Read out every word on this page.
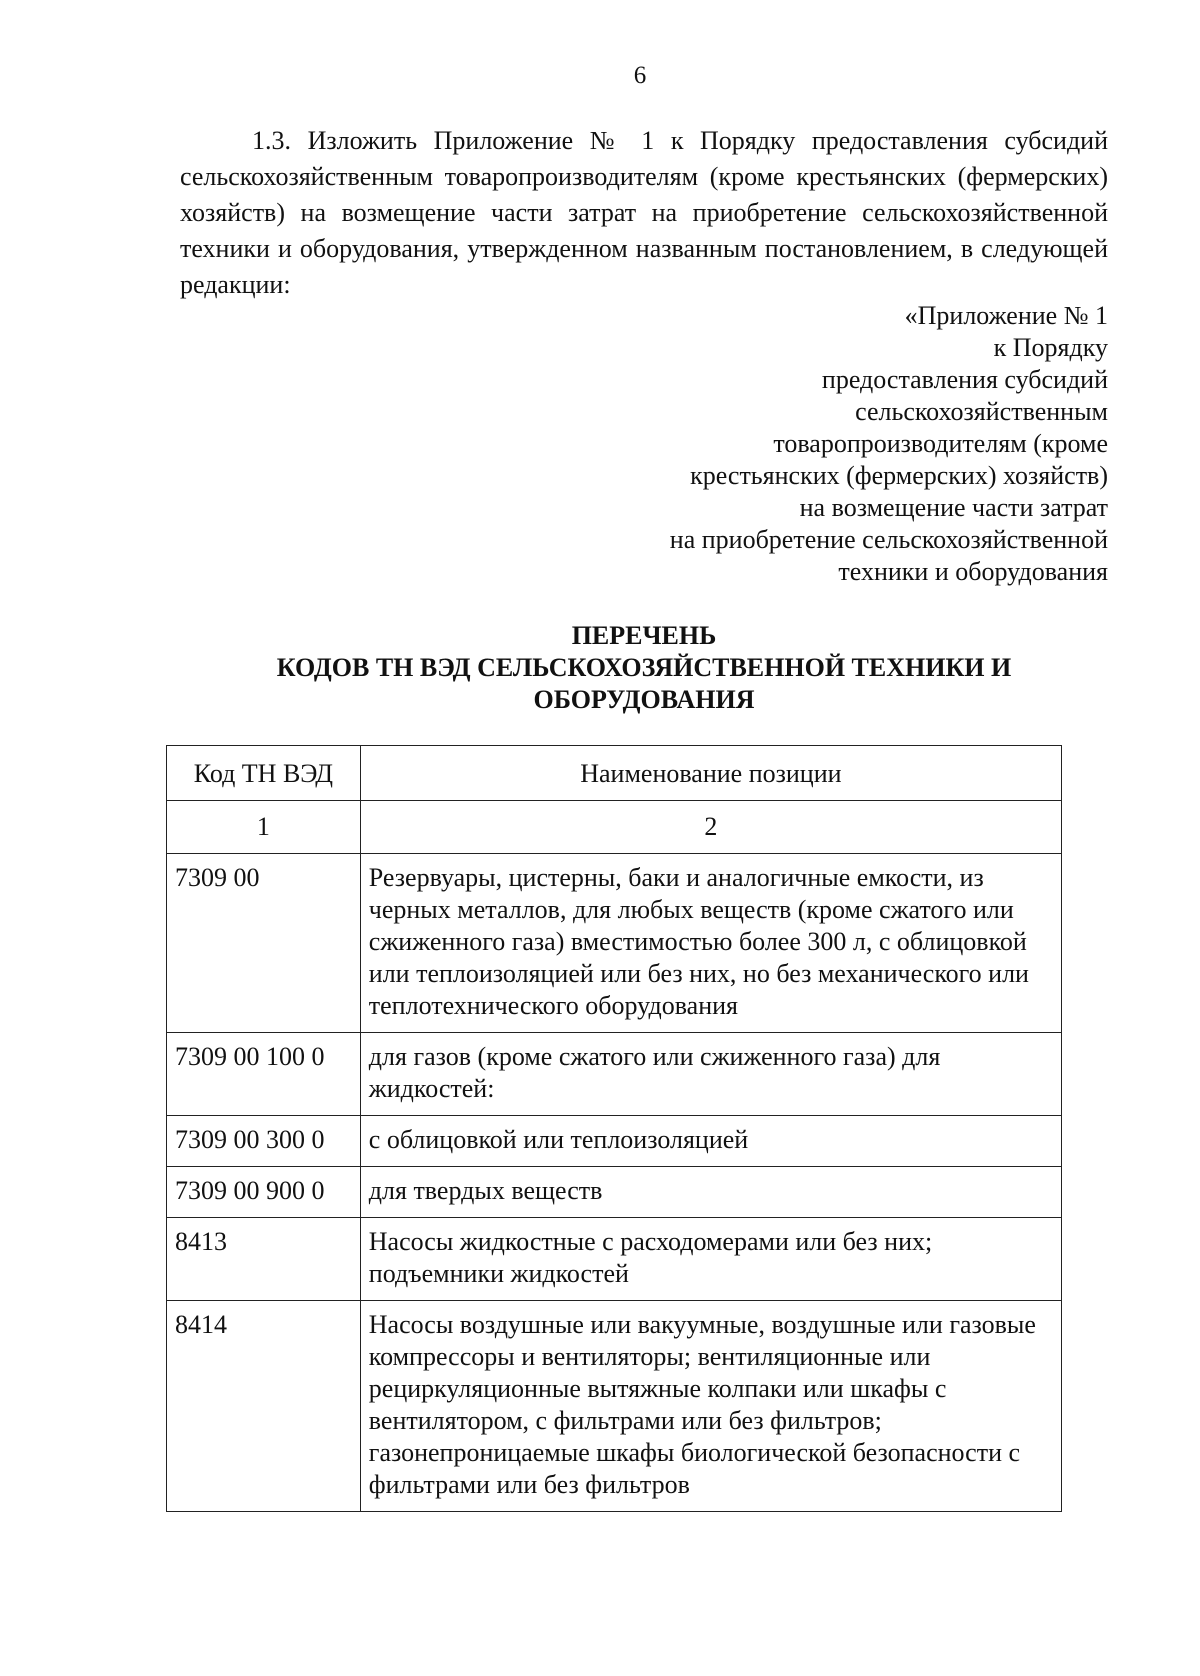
6

1.3. Изложить Приложение № 1 к Порядку предоставления субсидий сельскохозяйственным товаропроизводителям (кроме крестьянских (фермерских) хозяйств) на возмещение части затрат на приобретение сельскохозяйственной техники и оборудования, утвержденном названным постановлением, в следующей редакции:

«Приложение № 1
к Порядку
предоставления субсидий
сельскохозяйственным
товаропроизводителям (кроме
крестьянских (фермерских) хозяйств)
на возмещение части затрат
на приобретение сельскохозяйственной
техники и оборудования
ПЕРЕЧЕНЬ
КОДОВ ТН ВЭД СЕЛЬСКОХОЗЯЙСТВЕННОЙ ТЕХНИКИ И
ОБОРУДОВАНИЯ
Код ТН ВЭД	Наименование позиции
1	2
7309 00	Резервуары, цистерны, баки и аналогичные емкости, из черных металлов, для любых веществ (кроме сжатого или сжиженного газа) вместимостью более 300 л, с облицовкой или теплоизоляцией или без них, но без механического или теплотехнического оборудования
7309 00 100 0	для газов (кроме сжатого или сжиженного газа) для жидкостей:
7309 00 300 0	с облицовкой или теплоизоляцией
7309 00 900 0	для твердых веществ
8413	Насосы жидкостные с расходомерами или без них; подъемники жидкостей
8414	Насосы воздушные или вакуумные, воздушные или газовые компрессоры и вентиляторы; вентиляционные или рециркуляционные вытяжные колпаки или шкафы с вентилятором, с фильтрами или без фильтров; газонепроницаемые шкафы биологической безопасности с фильтрами или без фильтров
